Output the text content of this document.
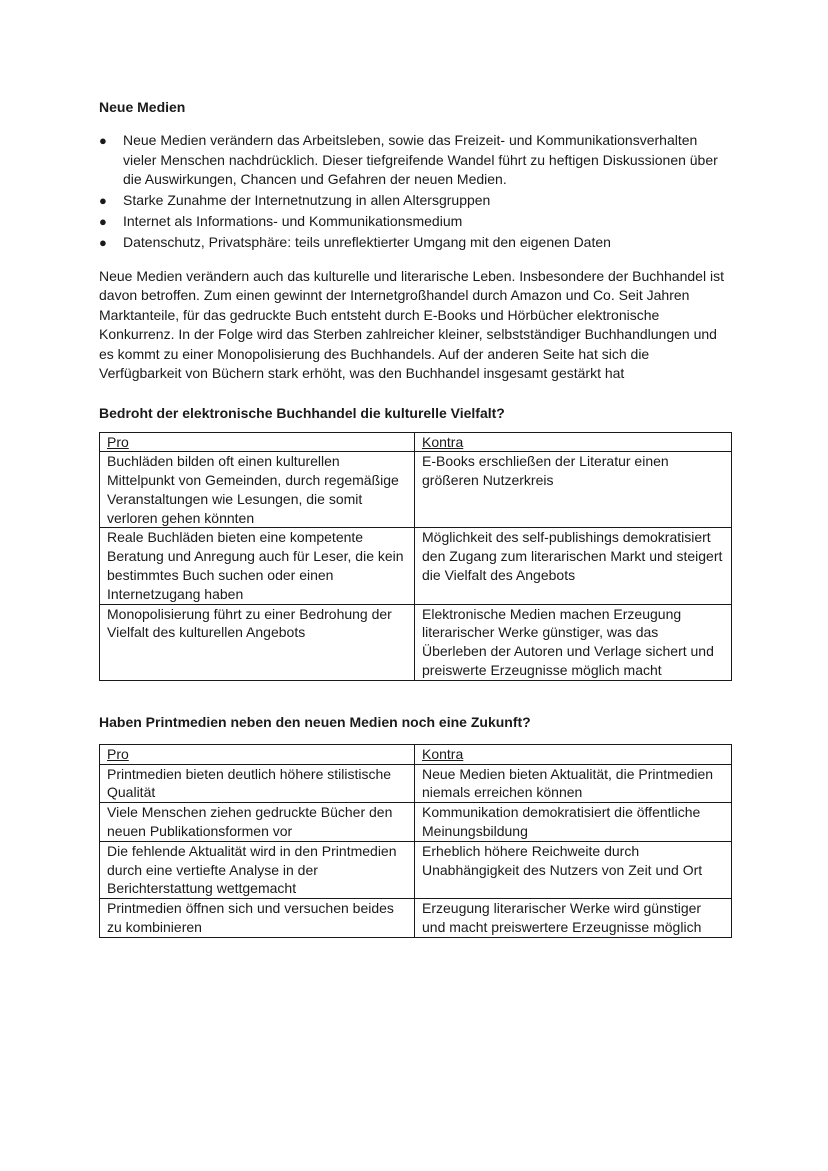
Neue Medien

● Neue Medien verändern das Arbeitsleben, sowie das Freizeit- und Kommunikationsverhalten vieler Menschen nachdrücklich. Dieser tiefgreifende Wandel führt zu heftigen Diskussionen über die Auswirkungen, Chancen und Gefahren der neuen Medien.
● Starke Zunahme der Internetnutzung in allen Altersgruppen
● Internet als Informations- und Kommunikationsmedium
● Datenschutz, Privatsphäre: teils unreflektierter Umgang mit den eigenen Daten

Neue Medien verändern auch das kulturelle und literarische Leben. Insbesondere der Buchhandel ist davon betroffen. Zum einen gewinnt der Internetgroßhandel durch Amazon und Co. Seit Jahren Marktanteile, für das gedruckte Buch entsteht durch E-Books und Hörbücher elektronische Konkurrenz. In der Folge wird das Sterben zahlreicher kleiner, selbstständiger Buchhandlungen und es kommt zu einer Monopolisierung des Buchhandels. Auf der anderen Seite hat sich die Verfügbarkeit von Büchern stark erhöht, was den Buchhandel insgesamt gestärkt hat

Bedroht der elektronische Buchhandel die kulturelle Vielfalt?

Pro	Kontra
Buchläden bilden oft einen kulturellen Mittelpunkt von Gemeinden, durch regemäßige Veranstaltungen wie Lesungen, die somit verloren gehen könnten	E-Books erschließen der Literatur einen größeren Nutzerkreis
Reale Buchläden bieten eine kompetente Beratung und Anregung auch für Leser, die kein bestimmtes Buch suchen oder einen Internetzugang haben	Möglichkeit des self-publishings demokratisiert den Zugang zum literarischen Markt und steigert die Vielfalt des Angebots
Monopolisierung führt zu einer Bedrohung der Vielfalt des kulturellen Angebots	Elektronische Medien machen Erzeugung literarischer Werke günstiger, was das Überleben der Autoren und Verlage sichert und preiswerte Erzeugnisse möglich macht

Haben Printmedien neben den neuen Medien noch eine Zukunft?

Pro	Kontra
Printmedien bieten deutlich höhere stilistische Qualität	Neue Medien bieten Aktualität, die Printmedien niemals erreichen können
Viele Menschen ziehen gedruckte Bücher den neuen Publikationsformen vor	Kommunikation demokratisiert die öffentliche Meinungsbildung
Die fehlende Aktualität wird in den Printmedien durch eine vertiefte Analyse in der Berichterstattung wettgemacht	Erheblich höhere Reichweite durch Unabhängigkeit des Nutzers von Zeit und Ort
Printmedien öffnen sich und versuchen beides zu kombinieren	Erzeugung literarischer Werke wird günstiger und macht preiswertere Erzeugnisse möglich
